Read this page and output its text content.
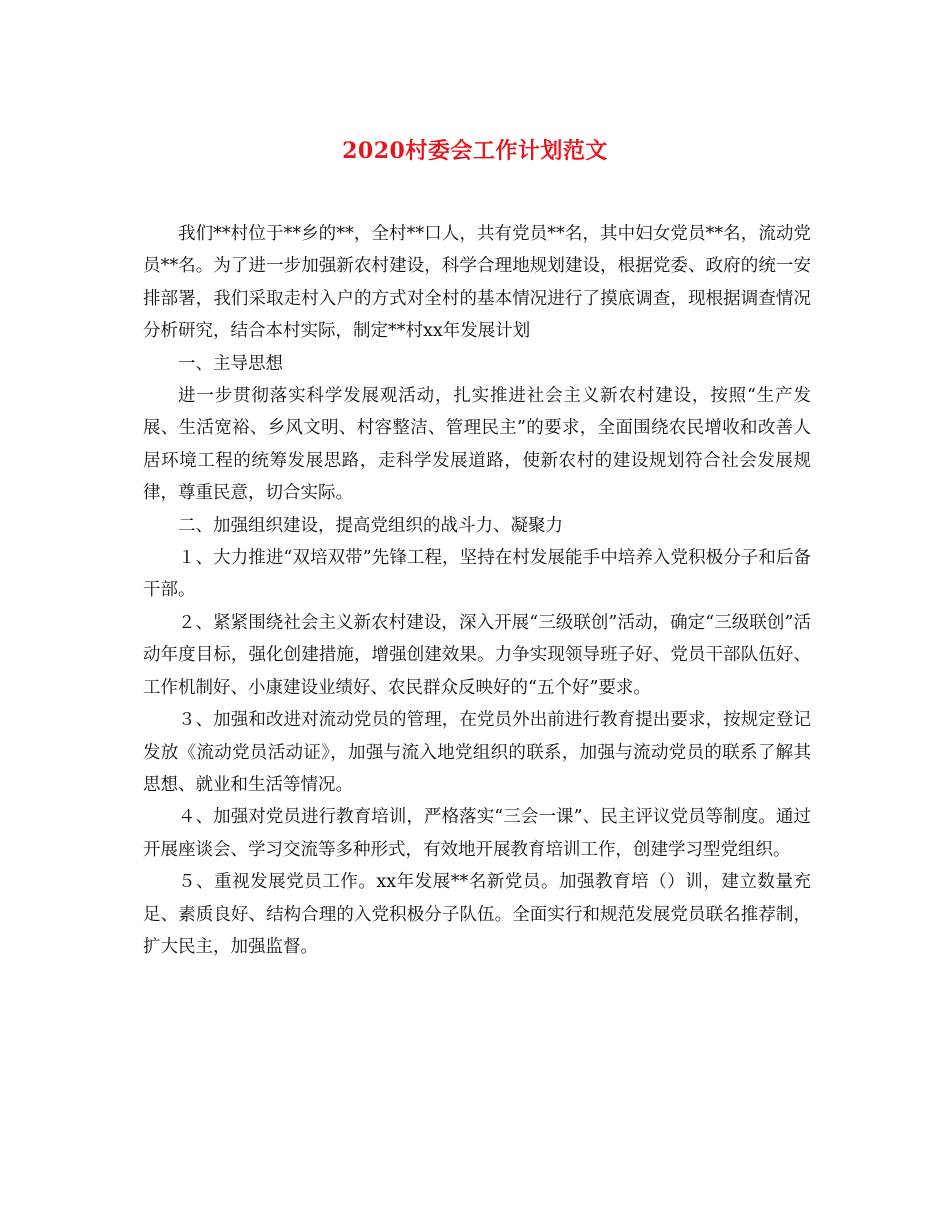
2020村委会工作计划范文

我们**村位于**乡的**，全村**口人，共有党员**名，其中妇女党员**名，流动党员**名。为了进一步加强新农村建设，科学合理地规划建设，根据党委、政府的统一安排部署，我们采取走村入户的方式对全村的基本情况进行了摸底调查，现根据调查情况分析研究，结合本村实际，制定**村xx年发展计划

一、主导思想

进一步贯彻落实科学发展观活动，扎实推进社会主义新农村建设，按照“生产发展、生活宽裕、乡风文明、村容整洁、管理民主”的要求，全面围绕农民增收和改善人居环境工程的统筹发展思路，走科学发展道路，使新农村的建设规划符合社会发展规律，尊重民意，切合实际。

二、加强组织建设，提高党组织的战斗力、凝聚力

１、大力推进“双培双带”先锋工程，坚持在村发展能手中培养入党积极分子和后备干部。

２、紧紧围绕社会主义新农村建设，深入开展“三级联创”活动，确定“三级联创”活动年度目标，强化创建措施，增强创建效果。力争实现领导班子好、党员干部队伍好、工作机制好、小康建设业绩好、农民群众反映好的“五个好”要求。

３、加强和改进对流动党员的管理，在党员外出前进行教育提出要求，按规定登记发放《流动党员活动证》，加强与流入地党组织的联系，加强与流动党员的联系了解其思想、就业和生活等情况。

４、加强对党员进行教育培训，严格落实“三会一课”、民主评议党员等制度。通过开展座谈会、学习交流等多种形式，有效地开展教育培训工作，创建学习型党组织。

５、重视发展党员工作。xx年发展**名新党员。加强教育培（）训，建立数量充足、素质良好、结构合理的入党积极分子队伍。全面实行和规范发展党员联名推荐制，扩大民主，加强监督。
